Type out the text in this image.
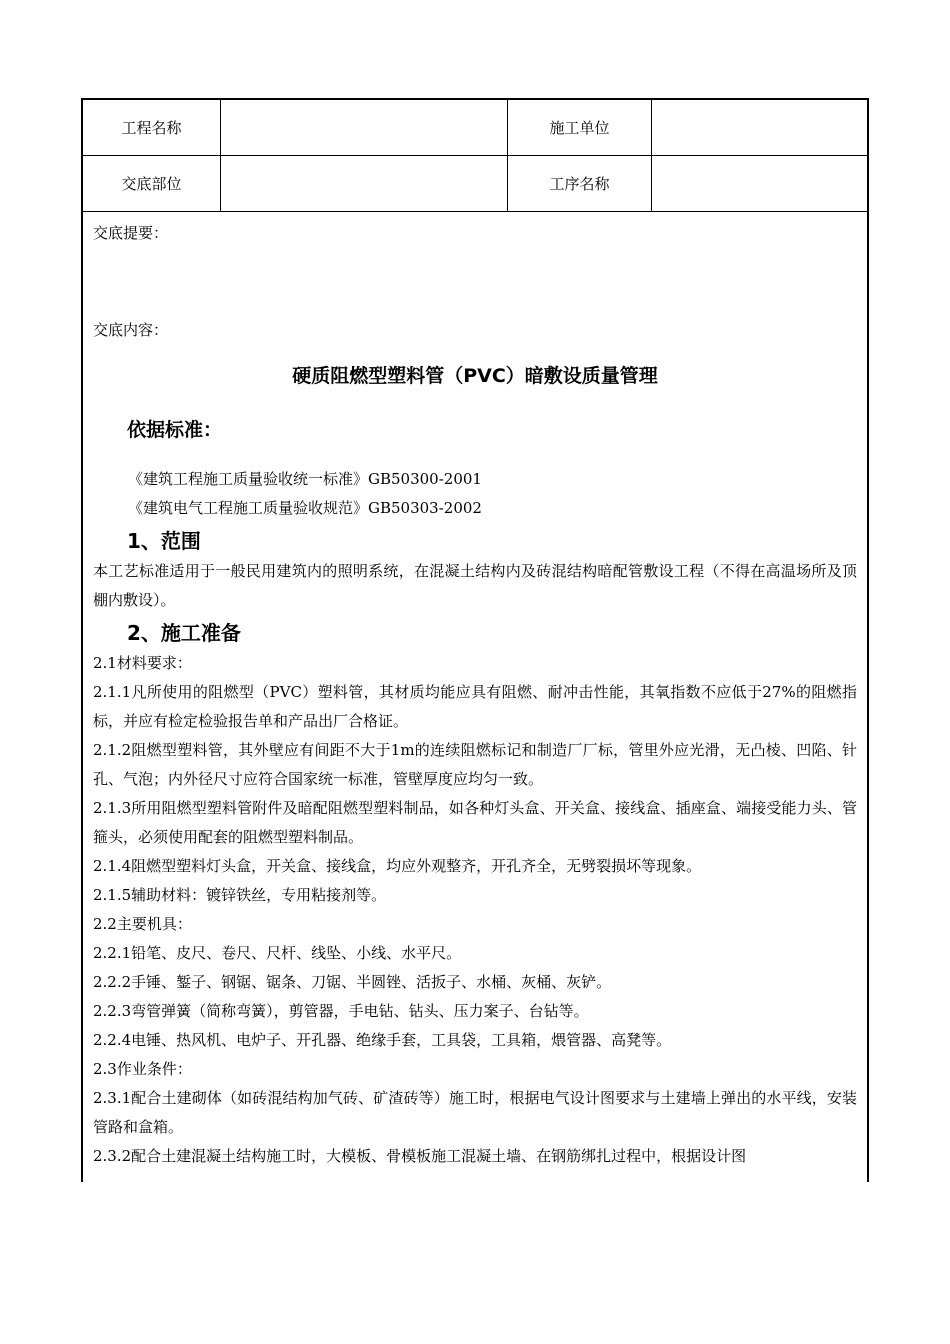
工程名称		施工单位	
交底部位		工序名称	

交底提要：

交底内容：

硬质阻燃型塑料管（PVC）暗敷设质量管理
依据标准：

《建筑工程施工质量验收统一标准》GB50300-2001

《建筑电气工程施工质量验收规范》GB50303-2002

1、范围

本工艺标准适用于一般民用建筑内的照明系统，在混凝土结构内及砖混结构暗配管敷设工程（不得在高温场所及顶棚内敷设）。

2、施工准备

2.1材料要求：

2.1.1凡所使用的阻燃型（PVC）塑料管，其材质均能应具有阻燃、耐冲击性能，其氧指数不应低于27%的阻燃指标，并应有检定检验报告单和产品出厂合格证。

2.1.2阻燃型塑料管，其外壁应有间距不大于1m的连续阻燃标记和制造厂厂标，管里外应光滑，无凸棱、凹陷、针孔、气泡；内外径尺寸应符合国家统一标准，管壁厚度应均匀一致。

2.1.3所用阻燃型塑料管附件及暗配阻燃型塑料制品，如各种灯头盒、开关盒、接线盒、插座盒、端接受能力头、管箍头，必须使用配套的阻燃型塑料制品。

2.1.4阻燃型塑料灯头盒，开关盒、接线盒，均应外观整齐，开孔齐全，无劈裂损坏等现象。

2.1.5辅助材料：镀锌铁丝，专用粘接剂等。

2.2主要机具：

2.2.1铅笔、皮尺、卷尺、尺杆、线坠、小线、水平尺。

2.2.2手锤、錾子、钢锯、锯条、刀锯、半圆锉、活扳子、水桶、灰桶、灰铲。

2.2.3弯管弹簧（简称弯簧），剪管器，手电钻、钻头、压力案子、台钻等。

2.2.4电锤、热风机、电炉子、开孔器、绝缘手套，工具袋，工具箱，煨管器、高凳等。

2.3作业条件：

2.3.1配合土建砌体（如砖混结构加气砖、矿渣砖等）施工时，根据电气设计图要求与土建墙上弹出的水平线，安装管路和盒箱。

2.3.2配合土建混凝土结构施工时，大模板、骨模板施工混凝土墙、在钢筋绑扎过程中，根据设计图
